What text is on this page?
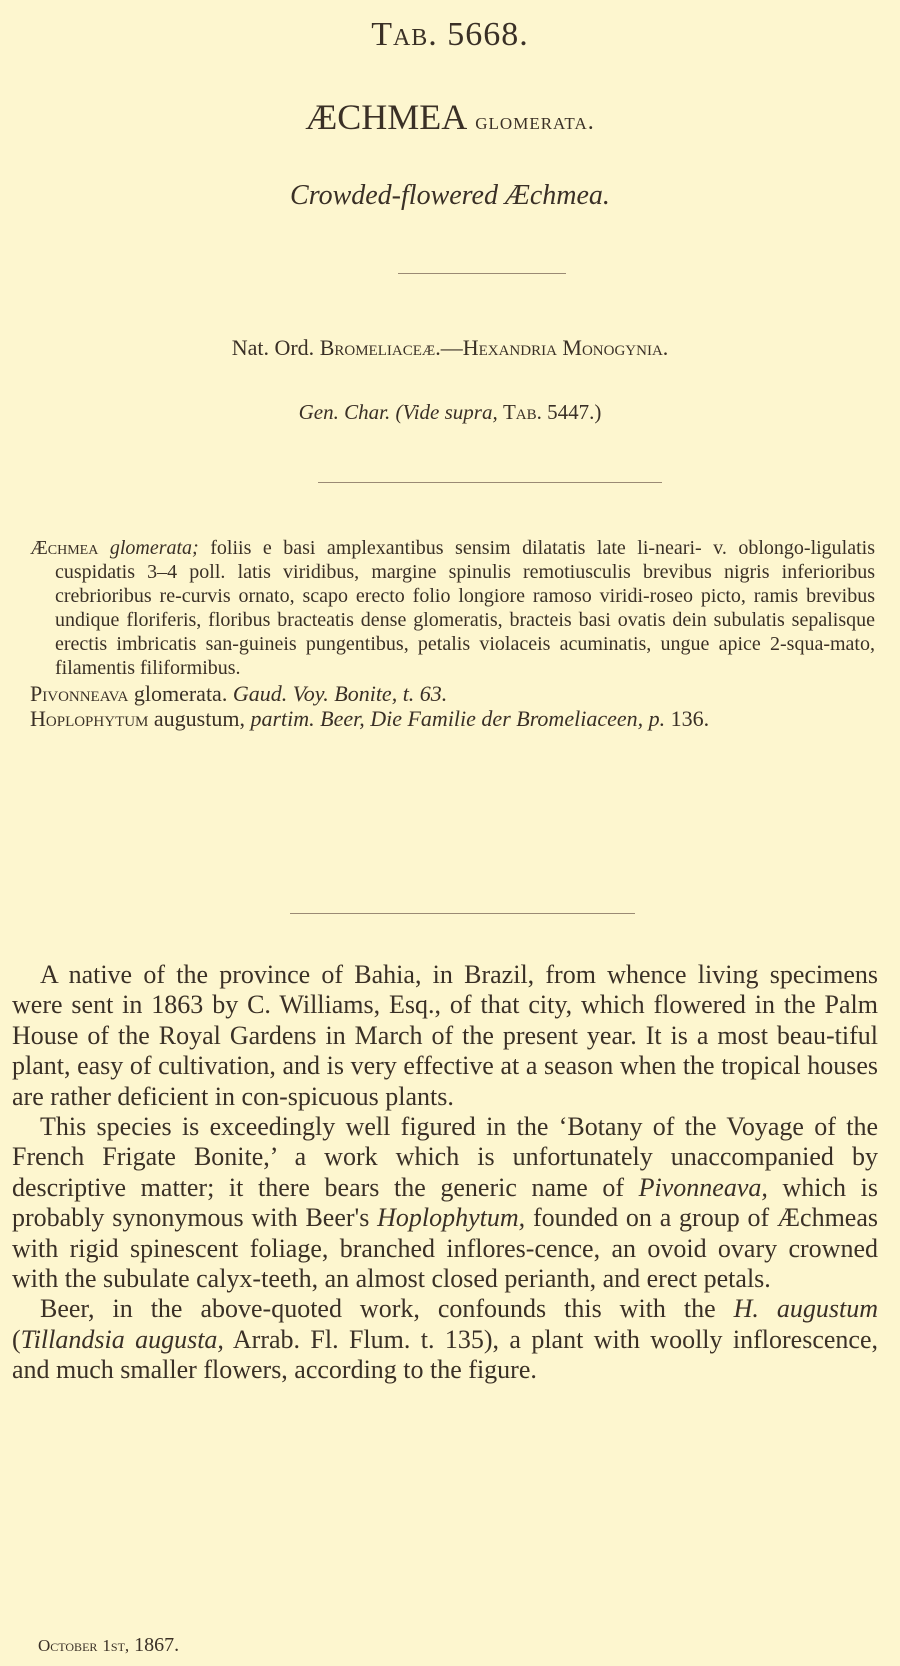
Tab. 5668.
ÆCHMEA glomerata.
Crowded-flowered Æchmea.
Nat. Ord. Bromeliaceæ.—Hexandria Monogynia.
Gen. Char. (Vide supra, Tab. 5447.)

Æchmea glomerata; foliis e basi amplexantibus sensim dilatatis late li-neari- v. oblongo-ligulatis cuspidatis 3–4 poll. latis viridibus, margine spinulis remotiusculis brevibus nigris inferioribus crebrioribus re-curvis ornato, scapo erecto folio longiore ramoso viridi-roseo picto, ramis brevibus undique floriferis, floribus bracteatis dense glomeratis, bracteis basi ovatis dein subulatis sepalisque erectis imbricatis san-guineis pungentibus, petalis violaceis acuminatis, ungue apice 2-squa-mato, filamentis filiformibus.

Pivonneava glomerata. Gaud. Voy. Bonite, t. 63.

Hoplophytum augustum, partim. Beer, Die Familie der Bromeliaceen, p. 136.

A native of the province of Bahia, in Brazil, from whence living specimens were sent in 1863 by C. Williams, Esq., of that city, which flowered in the Palm House of the Royal Gardens in March of the present year. It is a most beau-tiful plant, easy of cultivation, and is very effective at a season when the tropical houses are rather deficient in con-spicuous plants.

This species is exceedingly well figured in the ‘Botany of the Voyage of the French Frigate Bonite,’ a work which is unfortunately unaccompanied by descriptive matter; it there bears the generic name of Pivonneava, which is probably synonymous with Beer's Hoplophytum, founded on a group of Æchmeas with rigid spinescent foliage, branched inflores-cence, an ovoid ovary crowned with the subulate calyx-teeth, an almost closed perianth, and erect petals.

Beer, in the above-quoted work, confounds this with the H. augustum (Tillandsia augusta, Arrab. Fl. Flum. t. 135), a plant with woolly inflorescence, and much smaller flowers, according to the figure.

October 1st, 1867.
